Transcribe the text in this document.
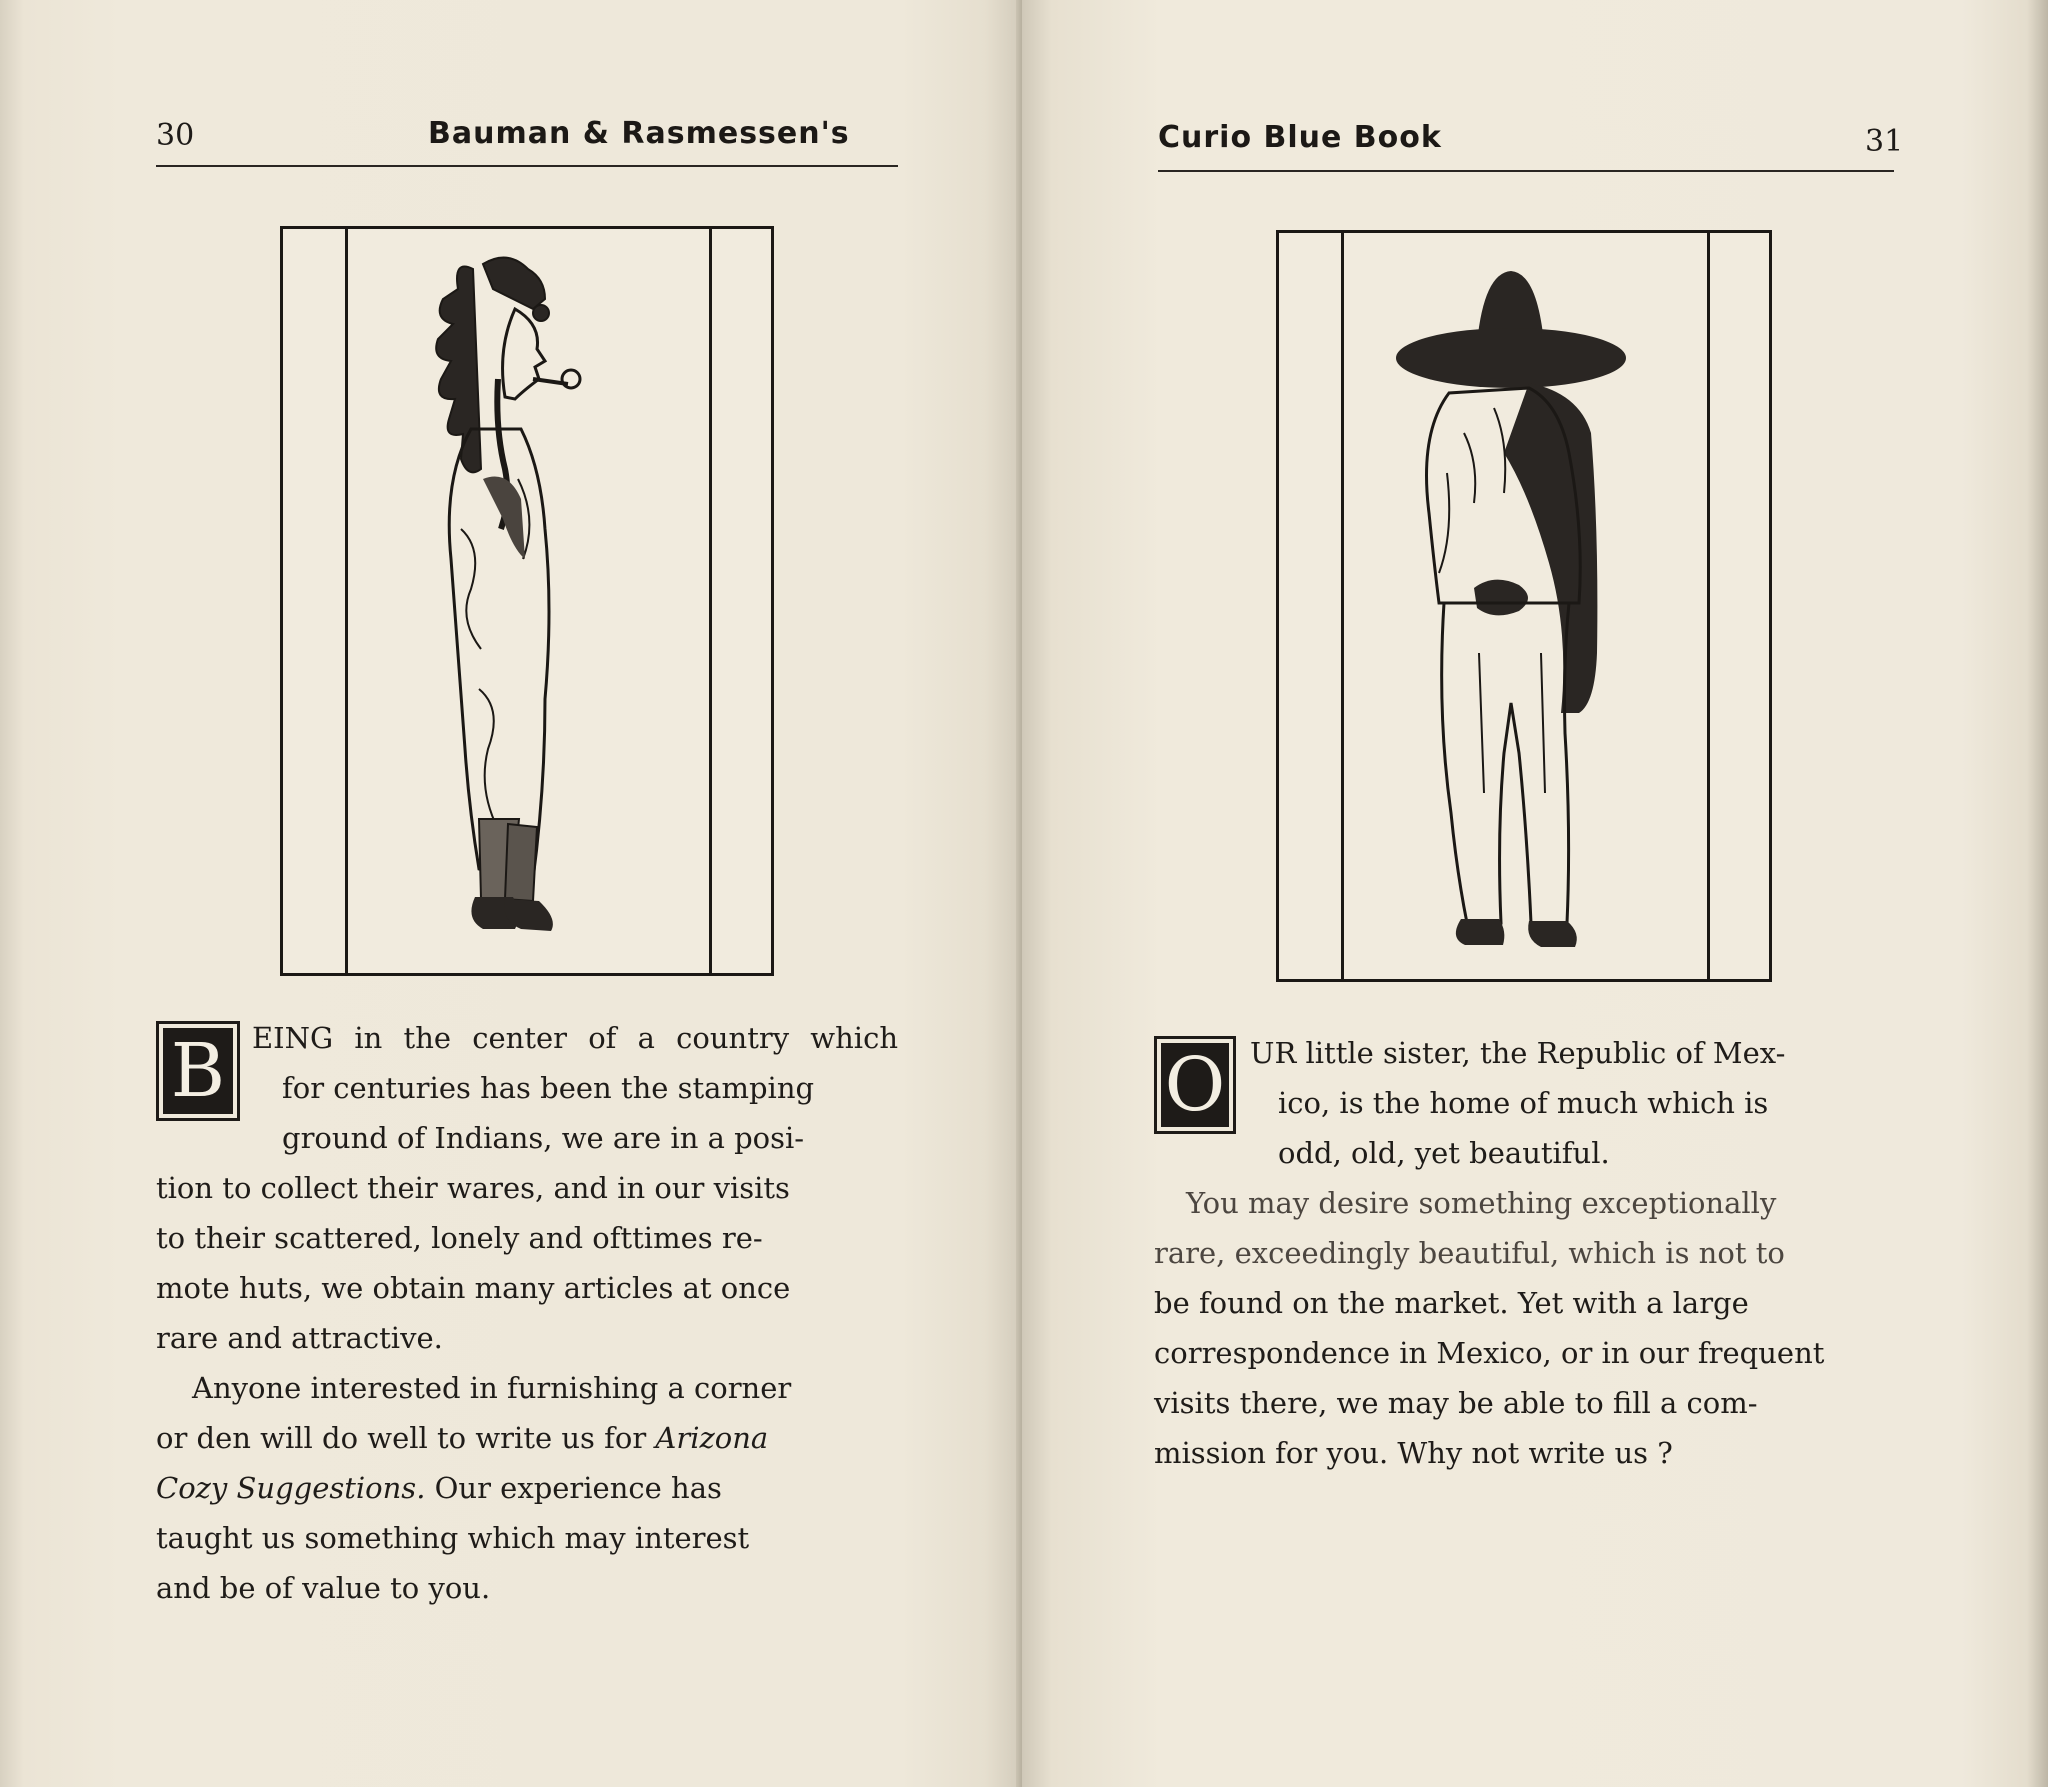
30	Bauman & Rasmessen's
B EING in the center of a country which
for centuries has been the stamping
ground of Indians, we are in a posi-
tion to collect their wares, and in our visits
to their scattered, lonely and ofttimes re-
mote huts, we obtain many articles at once
rare and attractive.
Anyone interested in furnishing a corner
or den will do well to write us for Arizona
Cozy Suggestions. Our experience has
taught us something which may interest
and be of value to you.
Curio Blue Book	31
O UR little sister, the Republic of Mex-
ico, is the home of much which is
odd, old, yet beautiful.
You may desire something exceptionally
rare, exceedingly beautiful, which is not to
be found on the market. Yet with a large
correspondence in Mexico, or in our frequent
visits there, we may be able to fill a com-
mission for you. Why not write us ?
